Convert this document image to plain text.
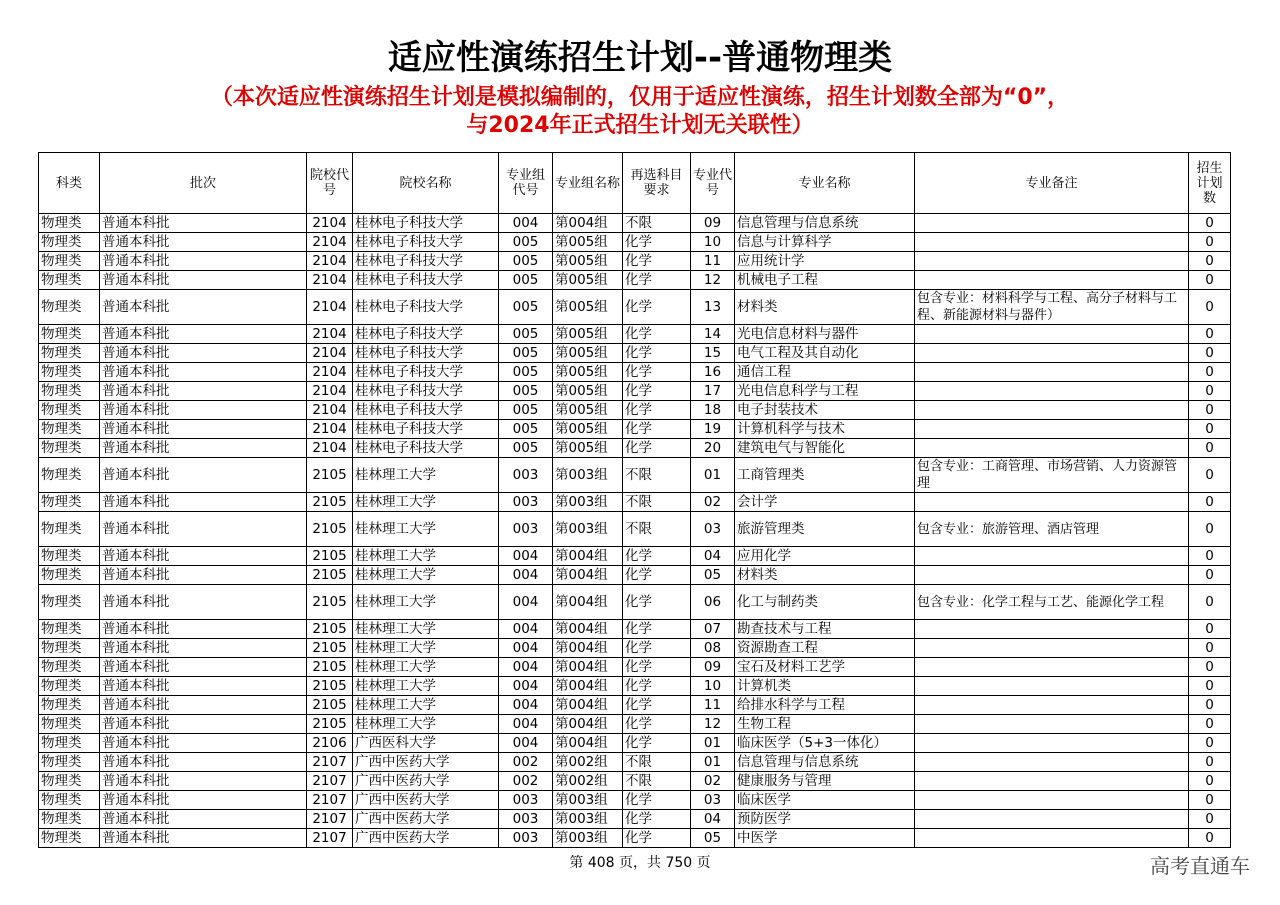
适应性演练招生计划--普通物理类
（本次适应性演练招生计划是模拟编制的，仅用于适应性演练，招生计划数全部为“0”，
与2024年正式招生计划无关联性）
科类	批次	院校代号	院校名称	专业组代号	专业组名称	再选科目要求	专业代号	专业名称	专业备注	招生计划数
物理类	普通本科批	2104	桂林电子科技大学	004	第004组	不限	09	信息管理与信息系统		0
物理类	普通本科批	2104	桂林电子科技大学	005	第005组	化学	10	信息与计算科学		0
物理类	普通本科批	2104	桂林电子科技大学	005	第005组	化学	11	应用统计学		0
物理类	普通本科批	2104	桂林电子科技大学	005	第005组	化学	12	机械电子工程		0
物理类	普通本科批	2104	桂林电子科技大学	005	第005组	化学	13	材料类	包含专业：材料科学与工程、高分子材料与工程、新能源材料与器件）	0
物理类	普通本科批	2104	桂林电子科技大学	005	第005组	化学	14	光电信息材料与器件		0
物理类	普通本科批	2104	桂林电子科技大学	005	第005组	化学	15	电气工程及其自动化		0
物理类	普通本科批	2104	桂林电子科技大学	005	第005组	化学	16	通信工程		0
物理类	普通本科批	2104	桂林电子科技大学	005	第005组	化学	17	光电信息科学与工程		0
物理类	普通本科批	2104	桂林电子科技大学	005	第005组	化学	18	电子封装技术		0
物理类	普通本科批	2104	桂林电子科技大学	005	第005组	化学	19	计算机科学与技术		0
物理类	普通本科批	2104	桂林电子科技大学	005	第005组	化学	20	建筑电气与智能化		0
物理类	普通本科批	2105	桂林理工大学	003	第003组	不限	01	工商管理类	包含专业：工商管理、市场营销、人力资源管理	0
物理类	普通本科批	2105	桂林理工大学	003	第003组	不限	02	会计学		0
物理类	普通本科批	2105	桂林理工大学	003	第003组	不限	03	旅游管理类	包含专业：旅游管理、酒店管理	0
物理类	普通本科批	2105	桂林理工大学	004	第004组	化学	04	应用化学		0
物理类	普通本科批	2105	桂林理工大学	004	第004组	化学	05	材料类		0
物理类	普通本科批	2105	桂林理工大学	004	第004组	化学	06	化工与制药类	包含专业：化学工程与工艺、能源化学工程	0
物理类	普通本科批	2105	桂林理工大学	004	第004组	化学	07	勘查技术与工程		0
物理类	普通本科批	2105	桂林理工大学	004	第004组	化学	08	资源勘查工程		0
物理类	普通本科批	2105	桂林理工大学	004	第004组	化学	09	宝石及材料工艺学		0
物理类	普通本科批	2105	桂林理工大学	004	第004组	化学	10	计算机类		0
物理类	普通本科批	2105	桂林理工大学	004	第004组	化学	11	给排水科学与工程		0
物理类	普通本科批	2105	桂林理工大学	004	第004组	化学	12	生物工程		0
物理类	普通本科批	2106	广西医科大学	004	第004组	化学	01	临床医学（5+3一体化）		0
物理类	普通本科批	2107	广西中医药大学	002	第002组	不限	01	信息管理与信息系统		0
物理类	普通本科批	2107	广西中医药大学	002	第002组	不限	02	健康服务与管理		0
物理类	普通本科批	2107	广西中医药大学	003	第003组	化学	03	临床医学		0
物理类	普通本科批	2107	广西中医药大学	003	第003组	化学	04	预防医学		0
物理类	普通本科批	2107	广西中医药大学	003	第003组	化学	05	中医学		0
第 408 页，共 750 页	高考直通车
